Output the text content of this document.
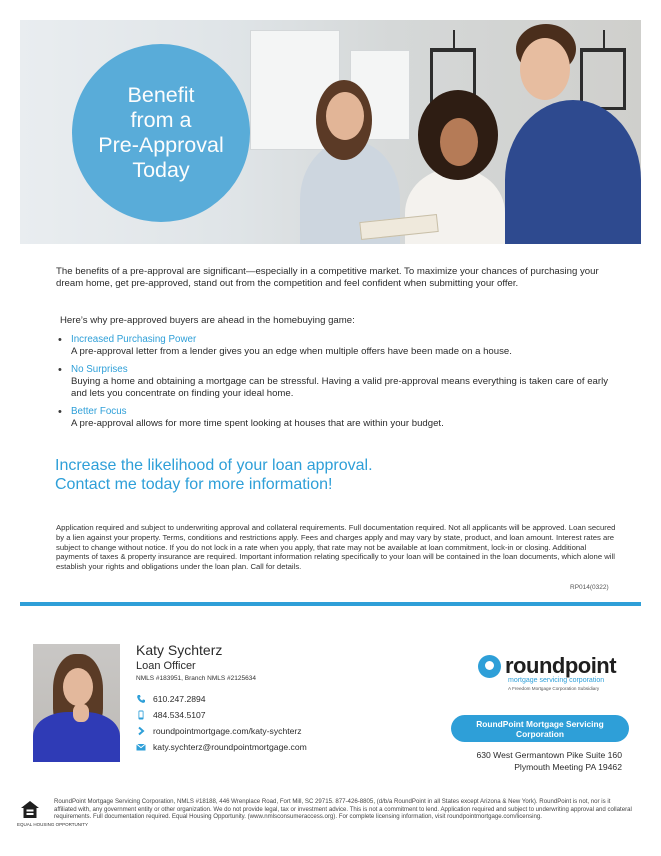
Benefit
from a
Pre-Approval
Today

The benefits of a pre-approval are significant—especially in a competitive market. To maximize your chances of purchasing your dream home, get pre-approved, stand out from the competition and feel confident when submitting your offer.

Here’s why pre-approved buyers are ahead in the homebuying game:

• Increased Purchasing Power
A pre-approval letter from a lender gives you an edge when multiple offers have been made on a house.
• No Surprises
Buying a home and obtaining a mortgage can be stressful. Having a valid pre-approval means everything is taken care of early and lets you concentrate on finding your ideal home.
• Better Focus
A pre-approval allows for more time spent looking at houses that are within your budget.
Increase the likelihood of your loan approval.
Contact me today for more information!

Application required and subject to underwriting approval and collateral requirements. Full documentation required. Not all applicants will be approved. Loan secured by a lien against your property. Terms, conditions and restrictions apply. Fees and charges apply and may vary by state, product, and loan amount. Interest rates are subject to change without notice. If you do not lock in a rate when you apply, that rate may not be available at loan commitment, lock-in or closing. Additional payments of taxes & property insurance are required. Important information relating specifically to your loan will be contained in the loan documents, which alone will establish your rights and obligations under the loan plan. Call for details.

RP014(0322)
Katy Sychterz
Loan Officer
NMLS #183951, Branch NMLS #2125634
610.247.2894
484.534.5107
roundpointmortgage.com/katy-sychterz
katy.sychterz@roundpointmortgage.com
roundpoint
mortgage servicing corporation
A Freedom Mortgage Corporation Subsidiary
RoundPoint Mortgage Servicing
Corporation
630 West Germantown Pike Suite 160
Plymouth Meeting PA 19462
EQUAL HOUSING OPPORTUNITY

RoundPoint Mortgage Servicing Corporation, NMLS #18188, 446 Wrenplace Road, Fort Mill, SC 29715. 877-426-8805, (d/b/a RoundPoint in all States except Arizona & New York). RoundPoint is not, nor is it affiliated with, any government entity or other organization. We do not provide legal, tax or investment advice. This is not a commitment to lend. Application required and subject to underwriting approval and collateral requirements. Full documentation required. Equal Housing Opportunity. (www.nmlsconsumeraccess.org). For complete licensing information, visit roundpointmortgage.com/licensing.
